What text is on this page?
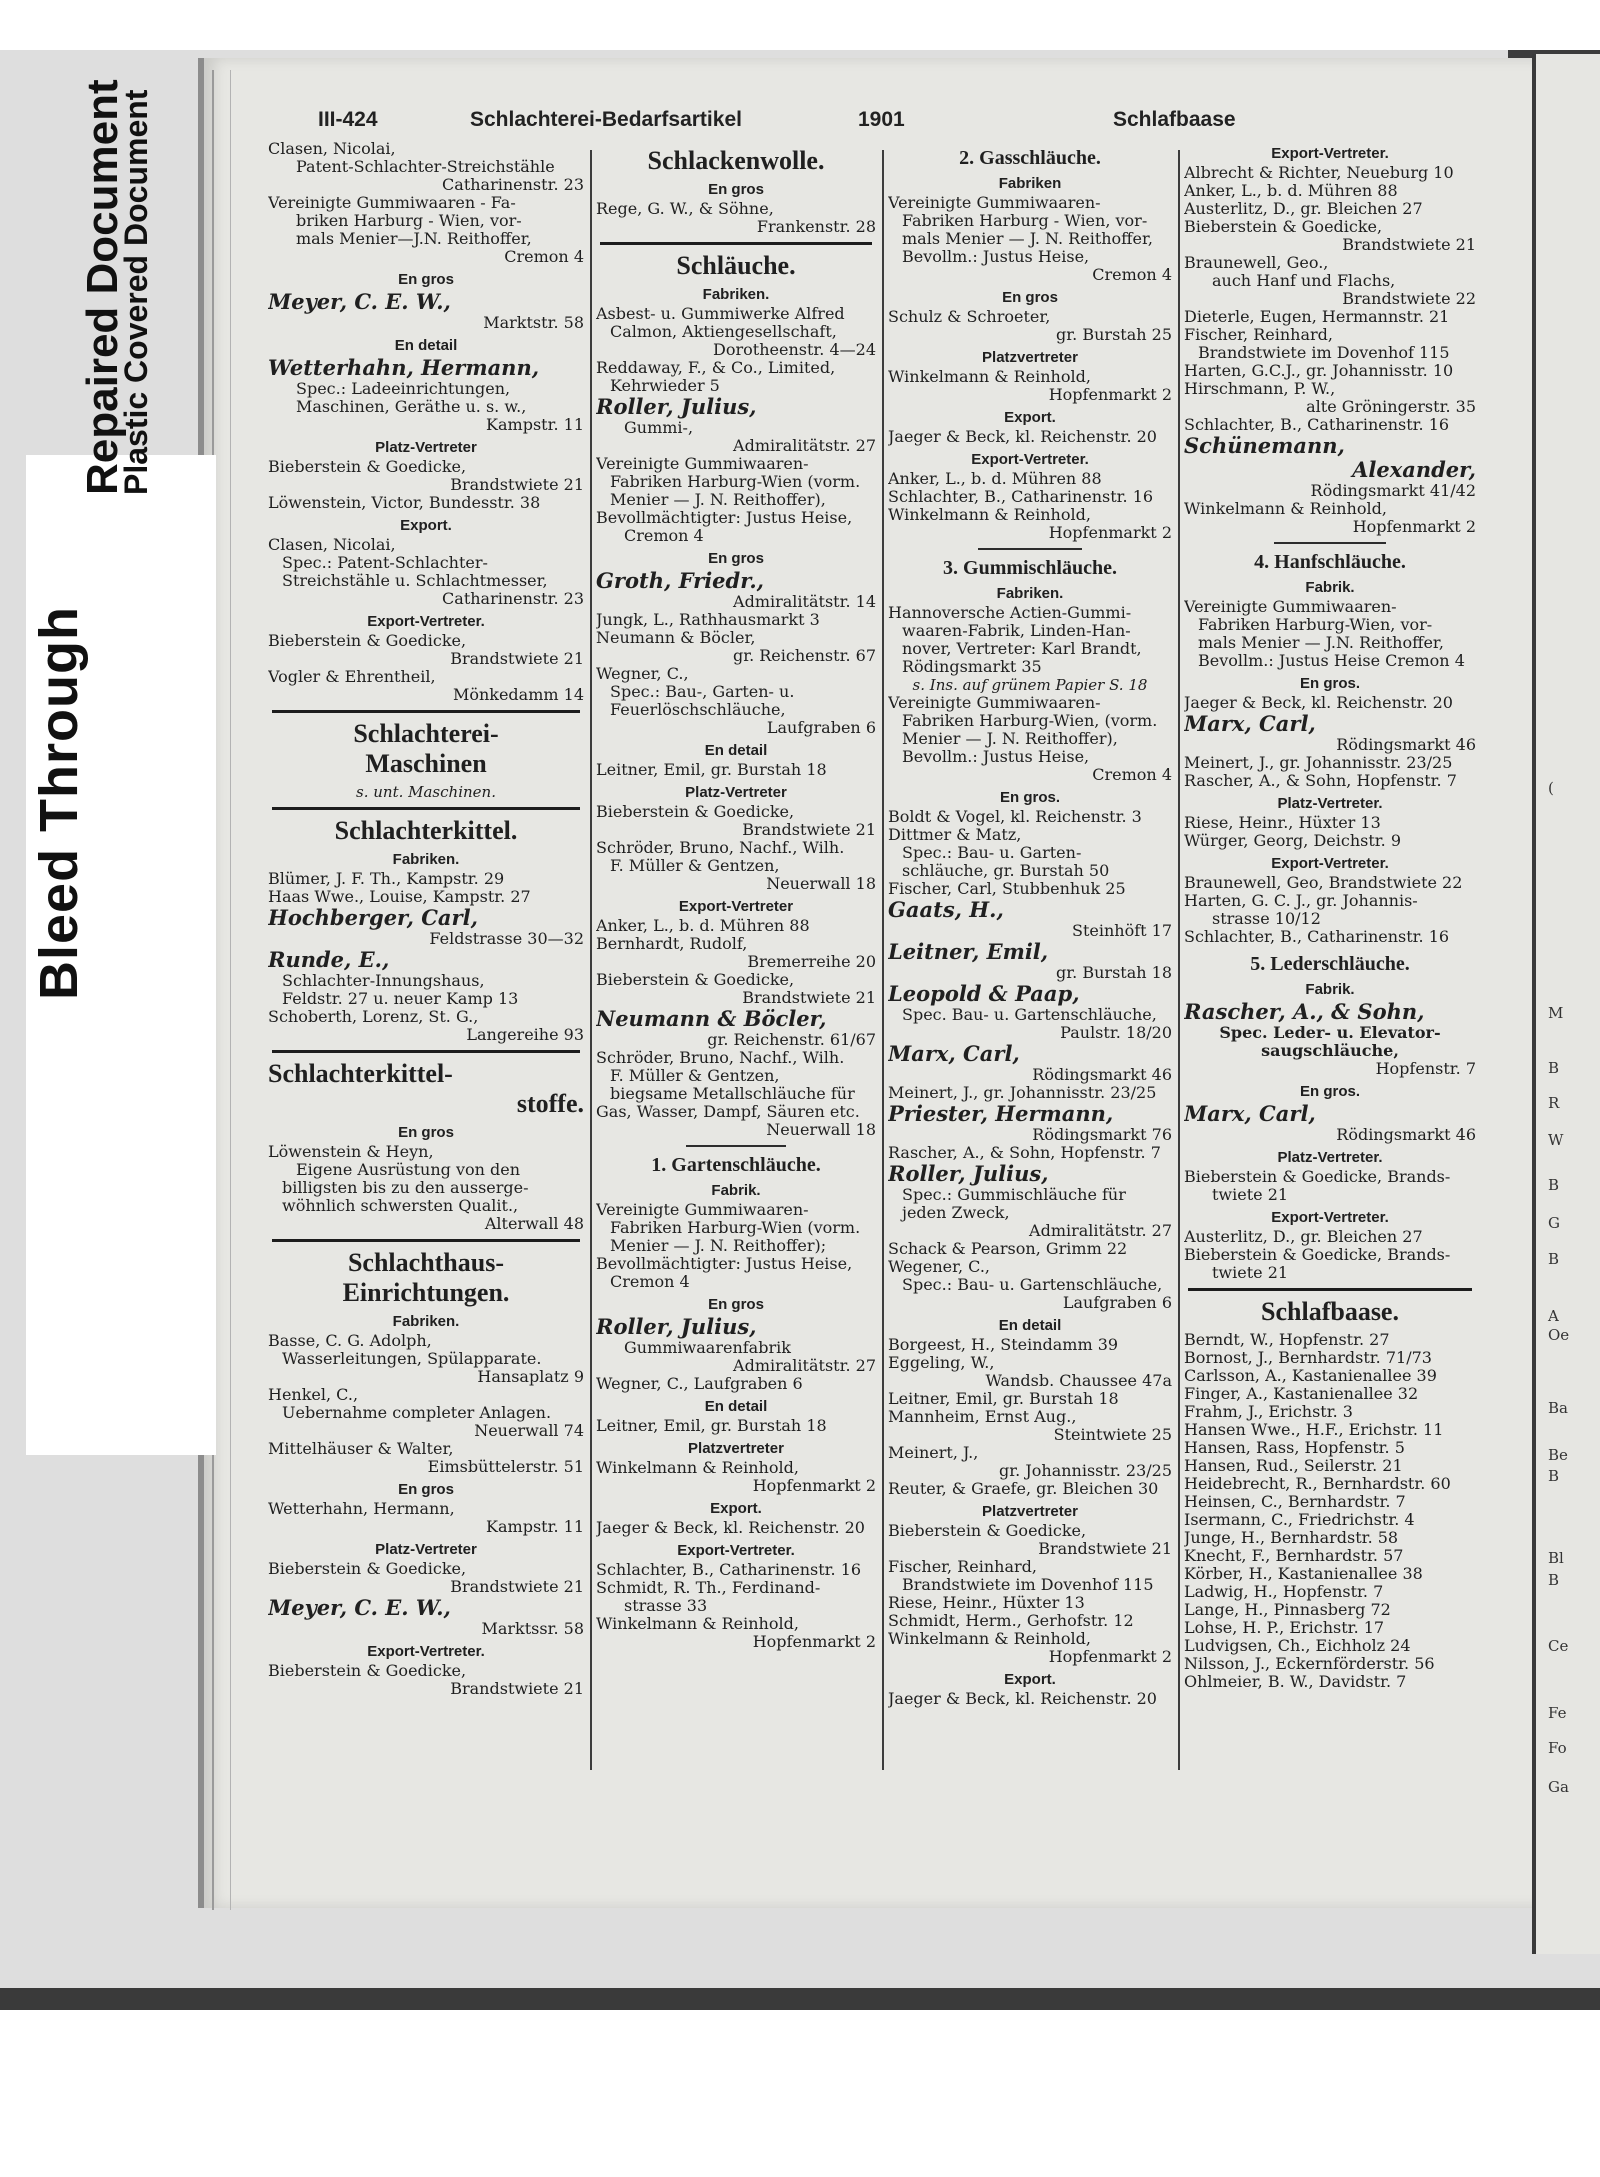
(
M
B
R
W
B
G
B
A
Oe
Ba
Be
B
Bl
B
Ce
Fe
Fo
Ga
Bleed Through
Repaired Document
Plastic Covered Document	III-424	Schlachterei-Bedarfsartikel	1901	Schlafbaase
Clasen, Nicolai,
Patent-Schlachter-Streichstähle
Catharinenstr. 23
Vereinigte Gummiwaaren - Fa-
briken Harburg - Wien, vor-
mals Menier—J.N. Reithoffer,
Cremon 4
En gros
Meyer, C. E. W.,
Marktstr. 58
En detail
Wetterhahn, Hermann,
Spec.: Ladeeinrichtungen,
Maschinen, Geräthe u. s. w.,
Kampstr. 11
Platz-Vertreter
Bieberstein & Goedicke,
Brandstwiete 21
Löwenstein, Victor, Bundesstr. 38
Export.
Clasen, Nicolai,
Spec.: Patent-Schlachter-
Streichstähle u. Schlachtmesser,
Catharinenstr. 23
Export-Vertreter.
Bieberstein & Goedicke,
Brandstwiete 21
Vogler & Ehrentheil,
Mönkedamm 14
Schlachterei-
Maschinen
s. unt. Maschinen.
Schlachterkittel.
Fabriken.
Blümer, J. F. Th., Kampstr. 29
Haas Wwe., Louise, Kampstr. 27
Hochberger, Carl,
Feldstrasse 30—32
Runde, E.,
Schlachter-Innungshaus,
Feldstr. 27 u. neuer Kamp 13
Schoberth, Lorenz, St. G.,
Langereihe 93
Schlachterkittel-
stoffe.
En gros
Löwenstein & Heyn,
Eigene Ausrüstung von den
billigsten bis zu den ausserge-
wöhnlich schwersten Qualit.,
Alterwall 48
Schlachthaus-
Einrichtungen.
Fabriken.
Basse, C. G. Adolph,
Wasserleitungen, Spülapparate.
Hansaplatz 9
Henkel, C.,
Uebernahme completer Anlagen.
Neuerwall 74
Mittelhäuser & Walter,
Eimsbüttelerstr. 51
En gros
Wetterhahn, Hermann,
Kampstr. 11
Platz-Vertreter
Bieberstein & Goedicke,
Brandstwiete 21
Meyer, C. E. W.,
Marktssr. 58
Export-Vertreter.
Bieberstein & Goedicke,
Brandstwiete 21
Schlackenwolle.
En gros
Rege, G. W., & Söhne,
Frankenstr. 28
Schläuche.
Fabriken.
Asbest- u. Gummiwerke Alfred
Calmon, Aktiengesellschaft,
Dorotheenstr. 4—24
Reddaway, F., & Co., Limited,
Kehrwieder 5
Roller, Julius,
Gummi-,
Admiralitätstr. 27
Vereinigte Gummiwaaren-
Fabriken Harburg-Wien (vorm.
Menier — J. N. Reithoffer),
Bevollmächtigter: Justus Heise,
Cremon 4
En gros
Groth, Friedr.,
Admiralitätstr. 14
Jungk, L., Rathhausmarkt 3
Neumann & Böcler,
gr. Reichenstr. 67
Wegner, C.,
Spec.: Bau-, Garten- u.
Feuerlöschschläuche,
Laufgraben 6
En detail
Leitner, Emil, gr. Burstah 18
Platz-Vertreter
Bieberstein & Goedicke,
Brandstwiete 21
Schröder, Bruno, Nachf., Wilh.
F. Müller & Gentzen,
Neuerwall 18
Export-Vertreter
Anker, L., b. d. Mühren 88
Bernhardt, Rudolf,
Bremerreihe 20
Bieberstein & Goedicke,
Brandstwiete 21
Neumann & Böcler,
gr. Reichenstr. 61/67
Schröder, Bruno, Nachf., Wilh.
F. Müller & Gentzen,
biegsame Metallschläuche für
Gas, Wasser, Dampf, Säuren etc.
Neuerwall 18
1. Gartenschläuche.
Fabrik.
Vereinigte Gummiwaaren-
Fabriken Harburg-Wien (vorm.
Menier — J. N. Reithoffer);
Bevollmächtigter: Justus Heise,
Cremon 4
En gros
Roller, Julius,
Gummiwaarenfabrik
Admiralitätstr. 27
Wegner, C., Laufgraben 6
En detail
Leitner, Emil, gr. Burstah 18
Platzvertreter
Winkelmann & Reinhold,
Hopfenmarkt 2
Export.
Jaeger & Beck, kl. Reichenstr. 20
Export-Vertreter.
Schlachter, B., Catharinenstr. 16
Schmidt, R. Th., Ferdinand-
strasse 33
Winkelmann & Reinhold,
Hopfenmarkt 2
2. Gasschläuche.
Fabriken
Vereinigte Gummiwaaren-
Fabriken Harburg - Wien, vor-
mals Menier — J. N. Reithoffer,
Bevollm.: Justus Heise,
Cremon 4
En gros
Schulz & Schroeter,
gr. Burstah 25
Platzvertreter
Winkelmann & Reinhold,
Hopfenmarkt 2
Export.
Jaeger & Beck, kl. Reichenstr. 20
Export-Vertreter.
Anker, L., b. d. Mühren 88
Schlachter, B., Catharinenstr. 16
Winkelmann & Reinhold,
Hopfenmarkt 2
3. Gummischläuche.
Fabriken.
Hannoversche Actien-Gummi-
waaren-Fabrik, Linden-Han-
nover, Vertreter: Karl Brandt,
Rödingsmarkt 35
s. Ins. auf grünem Papier S. 18
Vereinigte Gummiwaaren-
Fabriken Harburg-Wien, (vorm.
Menier — J. N. Reithoffer),
Bevollm.: Justus Heise,
Cremon 4
En gros.
Boldt & Vogel, kl. Reichenstr. 3
Dittmer & Matz,
Spec.: Bau- u. Garten-
schläuche, gr. Burstah 50
Fischer, Carl, Stubbenhuk 25
Gaats, H.,
Steinhöft 17
Leitner, Emil,
gr. Burstah 18
Leopold & Paap,
Spec. Bau- u. Gartenschläuche,
Paulstr. 18/20
Marx, Carl,
Rödingsmarkt 46
Meinert, J., gr. Johannisstr. 23/25
Priester, Hermann,
Rödingsmarkt 76
Rascher, A., & Sohn, Hopfenstr. 7
Roller, Julius,
Spec.: Gummischläuche für
jeden Zweck,
Admiralitätstr. 27
Schack & Pearson, Grimm 22
Wegener, C.,
Spec.: Bau- u. Gartenschläuche,
Laufgraben 6
En detail
Borgeest, H., Steindamm 39
Eggeling, W.,
Wandsb. Chaussee 47a
Leitner, Emil, gr. Burstah 18
Mannheim, Ernst Aug.,
Steintwiete 25
Meinert, J.,
gr. Johannisstr. 23/25
Reuter, & Graefe, gr. Bleichen 30
Platzvertreter
Bieberstein & Goedicke,
Brandstwiete 21
Fischer, Reinhard,
Brandstwiete im Dovenhof 115
Riese, Heinr., Hüxter 13
Schmidt, Herm., Gerhofstr. 12
Winkelmann & Reinhold,
Hopfenmarkt 2
Export.
Jaeger & Beck, kl. Reichenstr. 20
Export-Vertreter.
Albrecht & Richter, Neueburg 10
Anker, L., b. d. Mühren 88
Austerlitz, D., gr. Bleichen 27
Bieberstein & Goedicke,
Brandstwiete 21
Braunewell, Geo.,
auch Hanf und Flachs,
Brandstwiete 22
Dieterle, Eugen, Hermannstr. 21
Fischer, Reinhard,
Brandstwiete im Dovenhof 115
Harten, G.C.J., gr. Johannisstr. 10
Hirschmann, P. W.,
alte Gröningerstr. 35
Schlachter, B., Catharinenstr. 16
Schünemann,
Alexander,
Rödingsmarkt 41/42
Winkelmann & Reinhold,
Hopfenmarkt 2
4. Hanfschläuche.
Fabrik.
Vereinigte Gummiwaaren-
Fabriken Harburg-Wien, vor-
mals Menier — J.N. Reithoffer,
Bevollm.: Justus Heise Cremon 4
En gros.
Jaeger & Beck, kl. Reichenstr. 20
Marx, Carl,
Rödingsmarkt 46
Meinert, J., gr. Johannisstr. 23/25
Rascher, A., & Sohn, Hopfenstr. 7
Platz-Vertreter.
Riese, Heinr., Hüxter 13
Würger, Georg, Deichstr. 9
Export-Vertreter.
Braunewell, Geo, Brandstwiete 22
Harten, G. C. J., gr. Johannis-
strasse 10/12
Schlachter, B., Catharinenstr. 16
5. Lederschläuche.
Fabrik.
Rascher, A., & Sohn,
Spec. Leder- u. Elevator-
saugschläuche,
Hopfenstr. 7
En gros.
Marx, Carl,
Rödingsmarkt 46
Platz-Vertreter.
Bieberstein & Goedicke, Brands-
twiete 21
Export-Vertreter.
Austerlitz, D., gr. Bleichen 27
Bieberstein & Goedicke, Brands-
twiete 21
Schlafbaase.
Berndt, W., Hopfenstr. 27
Bornost, J., Bernhardstr. 71/73
Carlsson, A., Kastanienallee 39
Finger, A., Kastanienallee 32
Frahm, J., Erichstr. 3
Hansen Wwe., H.F., Erichstr. 11
Hansen, Rass, Hopfenstr. 5
Hansen, Rud., Seilerstr. 21
Heidebrecht, R., Bernhardstr. 60
Heinsen, C., Bernhardstr. 7
Isermann, C., Friedrichstr. 4
Junge, H., Bernhardstr. 58
Knecht, F., Bernhardstr. 57
Körber, H., Kastanienallee 38
Ladwig, H., Hopfenstr. 7
Lange, H., Pinnasberg 72
Lohse, H. P., Erichstr. 17
Ludvigsen, Ch., Eichholz 24
Nilsson, J., Eckernförderstr. 56
Ohlmeier, B. W., Davidstr. 7
